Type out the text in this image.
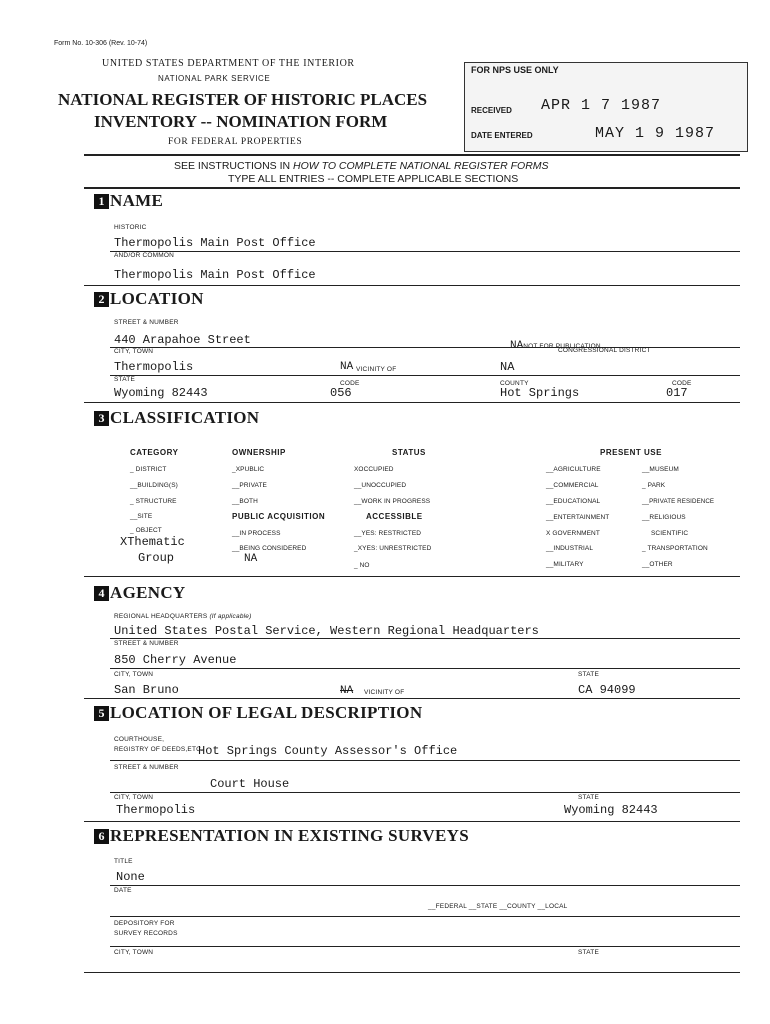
Form No. 10-306 (Rev. 10-74)
UNITED STATES DEPARTMENT OF THE INTERIOR
NATIONAL PARK SERVICE
NATIONAL REGISTER OF HISTORIC PLACES
INVENTORY -- NOMINATION FORM
FOR FEDERAL PROPERTIES
FOR NPS USE ONLY
RECEIVED APR 1 7 1987
DATE ENTERED	MAY 1 9 1987
SEE INSTRUCTIONS IN HOW TO COMPLETE NATIONAL REGISTER FORMS
TYPE ALL ENTRIES -- COMPLETE APPLICABLE SECTIONS
1 NAME
HISTORIC
Thermopolis Main Post Office
AND/OR COMMON
Thermopolis Main Post Office
2 LOCATION
STREET & NUMBER
440 Arapahoe Street	NANOT FOR PUBLICATION
CITY, TOWN
Thermopolis	NA VICINITY OF
CONGRESSIONAL DISTRICT
NA
STATE
Wyoming 82443
CODE
056
COUNTY
Hot Springs
CODE
017
3 CLASSIFICATION
CATEGORY	OWNERSHIP	STATUS	PRESENT USE
_ DISTRICT
__BUILDING(S)
_ STRUCTURE
__SITE
_ OBJECT
XThematic
Group
_XPUBLIC
__PRIVATE
__BOTH
PUBLIC ACQUISITION
__IN PROCESS
__BEING CONSIDERED
NA
XOCCUPIED
__UNOCCUPIED
__WORK IN PROGRESS
ACCESSIBLE
__YES: RESTRICTED
_XYES: UNRESTRICTED
_ NO
__AGRICULTURE
__COMMERCIAL
__EDUCATIONAL
__ENTERTAINMENT
X GOVERNMENT
__INDUSTRIAL
__MILITARY
__MUSEUM
_ PARK
__PRIVATE RESIDENCE
__RELIGIOUS
SCIENTIFIC
_ TRANSPORTATION
__OTHER
4 AGENCY
REGIONAL HEADQUARTERS (If applicable)
United States Postal Service, Western Regional Headquarters
STREET & NUMBER
850 Cherry Avenue
CITY, TOWN	STATE
San Bruno	NA VICINITY OF	CA 94099
5 LOCATION OF LEGAL DESCRIPTION
COURTHOUSE,
REGISTRY OF DEEDS,ETC.
Hot Springs County Assessor's Office
STREET & NUMBER
Court House
CITY, TOWN	STATE
Thermopolis	Wyoming 82443
6 REPRESENTATION IN EXISTING SURVEYS
TITLE
None
DATE
__FEDERAL __STATE __COUNTY __LOCAL
DEPOSITORY FOR
SURVEY RECORDS
CITY, TOWN	STATE
